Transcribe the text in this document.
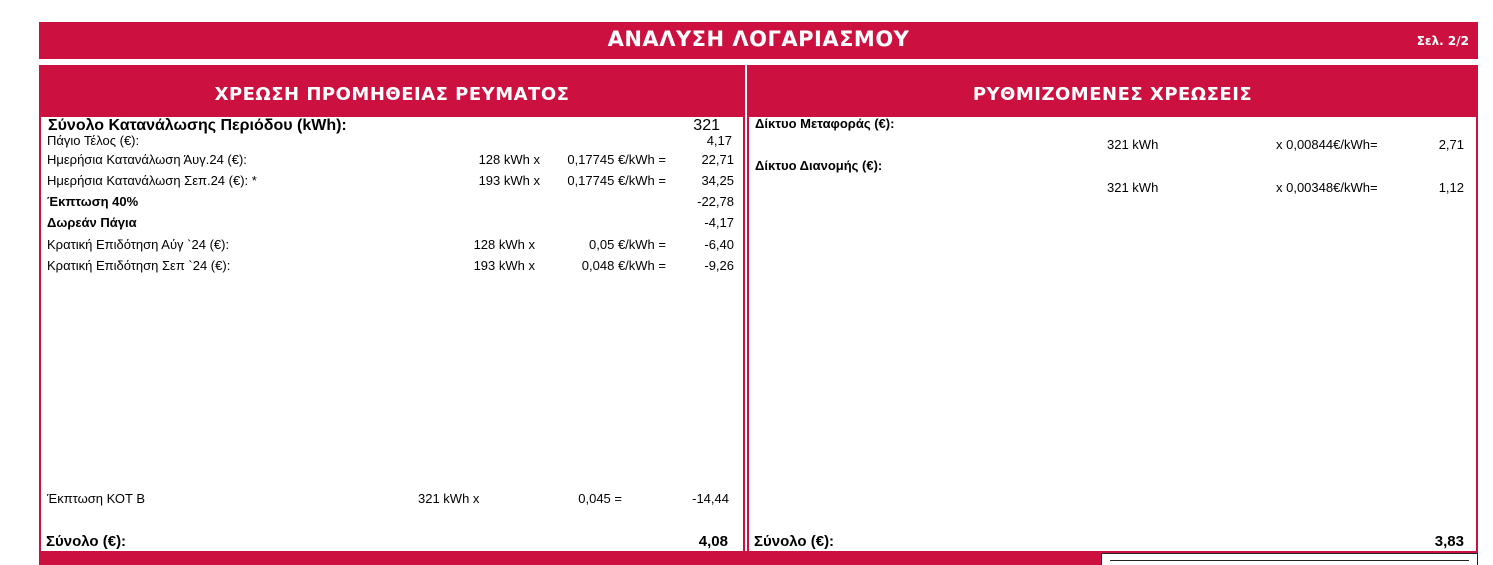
ΑΝΑΛΥΣΗ ΛΟΓΑΡΙΑΣΜΟΥ	Σελ. 2/2
ΧΡΕΩΣΗ ΠΡΟΜΗΘΕΙΑΣ ΡΕΥΜΑΤΟΣ
Σύνολο Κατανάλωσης Περιόδου (kWh):	321
Πάγιο Τέλος (€):	4,17
Ημερήσια Κατανάλωση Άυγ.24 (€):	128 kWh x	0,17745 €/kWh =	22,71
Ημερήσια Κατανάλωση Σεπ.24 (€): *	193 kWh x	0,17745 €/kWh =	34,25
Έκπτωση 40%	-22,78
Δωρεάν Πάγια	-4,17
Κρατική Επιδότηση Αύγ `24 (€):	128 kWh x	0,05 €/kWh =	-6,40
Κρατική Επιδότηση Σεπ `24 (€):	193 kWh x	0,048 €/kWh =	-9,26
Έκπτωση ΚΟΤ Β	321 kWh x	0,045 =	-14,44
Σύνολο (€):	4,08
ΡΥΘΜΙΖΟΜΕΝΕΣ ΧΡΕΩΣΕΙΣ
Δίκτυο Μεταφοράς (€):
321 kWh	x 0,00844€/kWh=	2,71
Δίκτυο Διανομής (€):
321 kWh	x 0,00348€/kWh=	1,12
Σύνολο (€):	3,83
